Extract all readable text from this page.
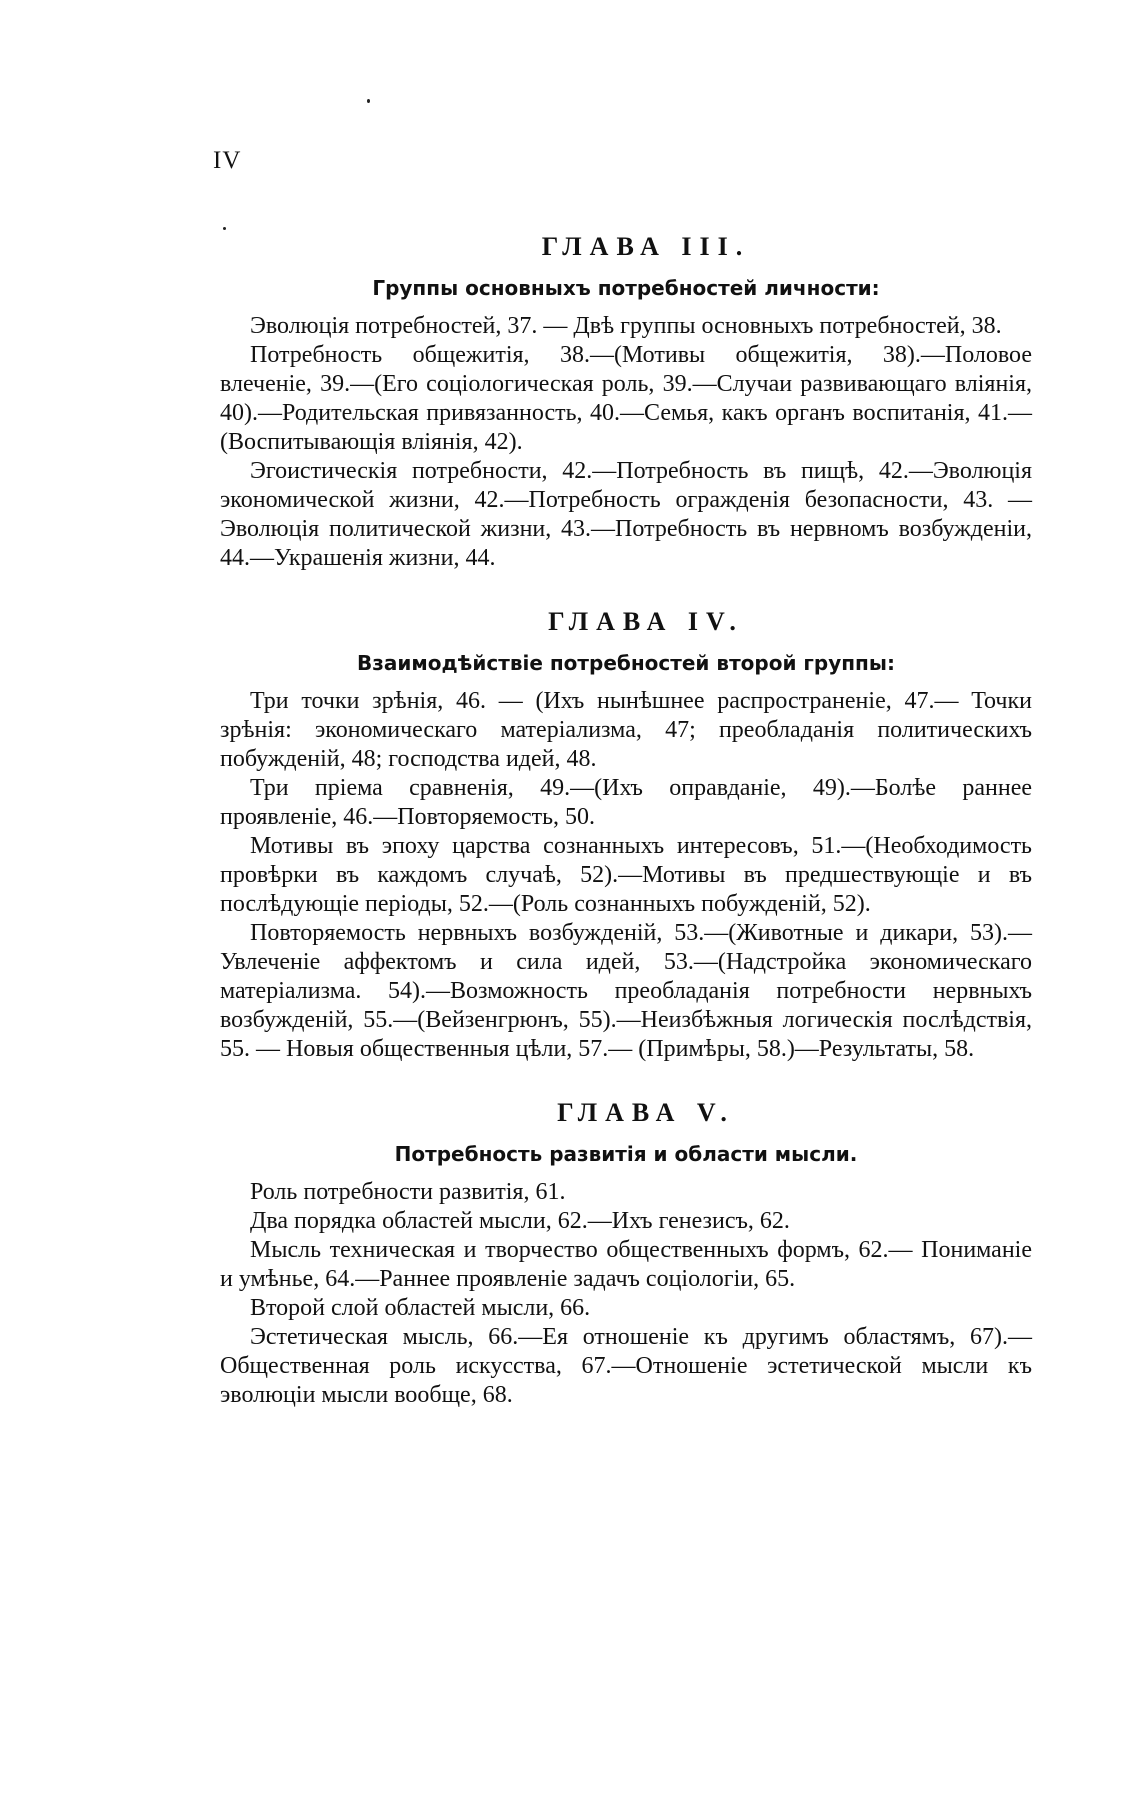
IV
ГЛАВА III.
Группы основныхъ потребностей личности:

Эволюція потребностей, 37. — Двѣ группы основныхъ потребностей, 38.

Потребность общежитія, 38.—(Мотивы общежитія, 38).—Половое влеченіе, 39.—(Его соціологическая роль, 39.—Случаи развивающаго вліянія, 40).—Родительская привязанность, 40.—Семья, какъ органъ воспитанія, 41.—(Воспитывающія вліянія, 42).

Эгоистическія потребности, 42.—Потребность въ пищѣ, 42.—Эволюція экономической жизни, 42.—Потребность огражденія безопасности, 43. — Эволюція политической жизни, 43.—Потребность въ нервномъ возбужденіи, 44.—Украшенія жизни, 44.

ГЛАВА IV.
Взаимодѣйствіе потребностей второй группы:

Три точки зрѣнія, 46. — (Ихъ нынѣшнее распространеніе, 47.— Точки зрѣнія: экономическаго матеріализма, 47; преобладанія политическихъ побужденій, 48; господства идей, 48.

Три пріема сравненія, 49.—(Ихъ оправданіе, 49).—Болѣе раннее проявленіе, 46.—Повторяемость, 50.

Мотивы въ эпоху царства сознанныхъ интересовъ, 51.—(Необходимость провѣрки въ каждомъ случаѣ, 52).—Мотивы въ предшествующіе и въ послѣдующіе періоды, 52.—(Роль сознанныхъ побужденій, 52).

Повторяемость нервныхъ возбужденій, 53.—(Животные и дикари, 53).—Увлеченіе аффектомъ и сила идей, 53.—(Надстройка экономическаго матеріализма. 54).—Возможность преобладанія потребности нервныхъ возбужденій, 55.—(Вейзенгрюнъ, 55).—Неизбѣжныя логическія послѣдствія, 55. — Новыя общественныя цѣли, 57.— (Примѣры, 58.)—Результаты, 58.

ГЛАВА V.
Потребность развитія и области мысли.

Роль потребности развитія, 61.

Два порядка областей мысли, 62.—Ихъ генезисъ, 62.

Мысль техническая и творчество общественныхъ формъ, 62.— Пониманіе и умѣнье, 64.—Раннее проявленіе задачъ соціологіи, 65.

Второй слой областей мысли, 66.

Эстетическая мысль, 66.—Ея отношеніе къ другимъ областямъ, 67).—Общественная роль искусства, 67.—Отношеніе эстетической мысли къ эволюціи мысли вообще, 68.
